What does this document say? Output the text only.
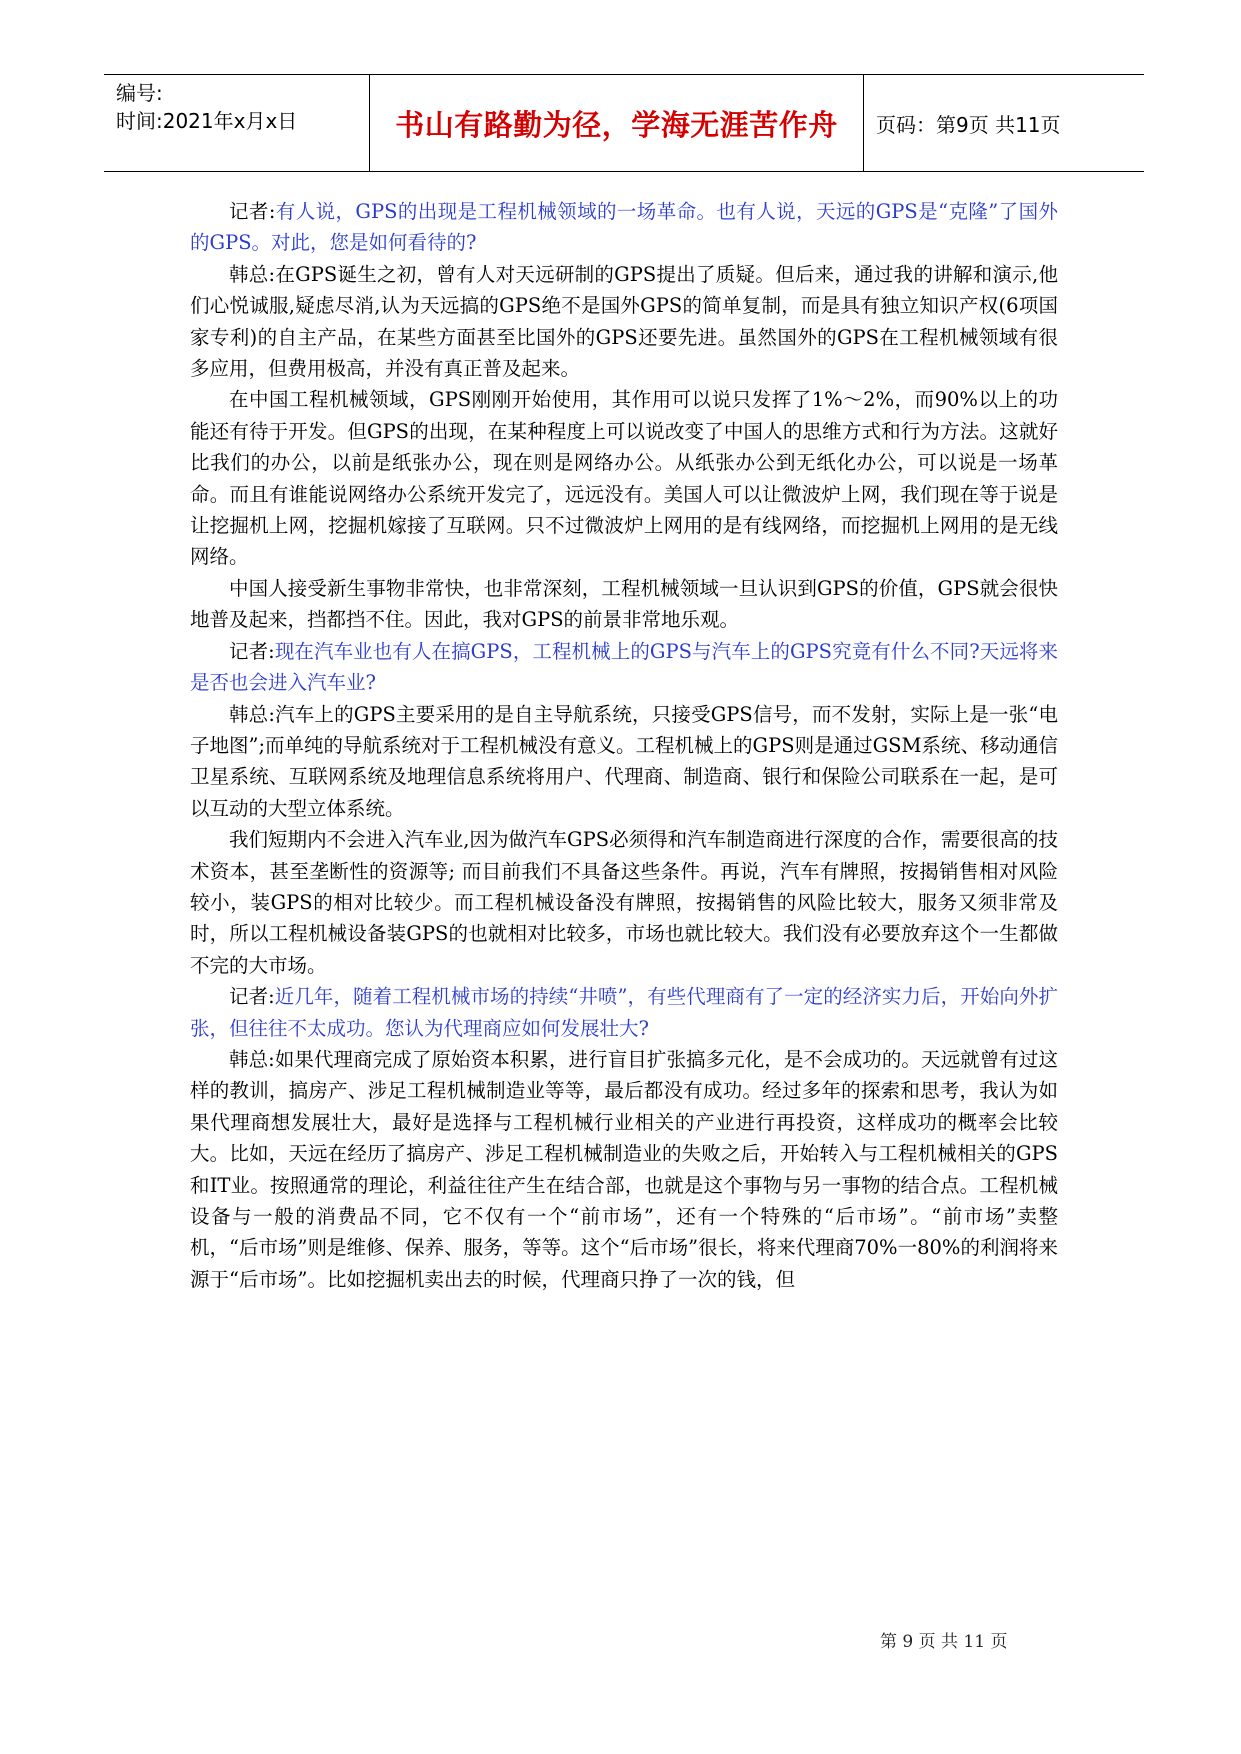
编号:
时间:2021年x月x日	书山有路勤为径，学海无涯苦作舟	页码：第9页 共11页

记者:有人说，GPS的出现是工程机械领域的一场革命。也有人说，天远的GPS是“克隆”了国外的GPS。对此，您是如何看待的?

韩总:在GPS诞生之初，曾有人对天远研制的GPS提出了质疑。但后来，通过我的讲解和演示,他们心悦诚服,疑虑尽消,认为天远搞的GPS绝不是国外GPS的简单复制，而是具有独立知识产权(6项国家专利)的自主产品，在某些方面甚至比国外的GPS还要先进。虽然国外的GPS在工程机械领域有很多应用，但费用极高，并没有真正普及起来。

在中国工程机械领域，GPS刚刚开始使用，其作用可以说只发挥了1%～2%，而90%以上的功能还有待于开发。但GPS的出现，在某种程度上可以说改变了中国人的思维方式和行为方法。这就好比我们的办公，以前是纸张办公，现在则是网络办公。从纸张办公到无纸化办公，可以说是一场革命。而且有谁能说网络办公系统开发完了，远远没有。美国人可以让微波炉上网，我们现在等于说是让挖掘机上网，挖掘机嫁接了互联网。只不过微波炉上网用的是有线网络，而挖掘机上网用的是无线网络。

中国人接受新生事物非常快，也非常深刻，工程机械领域一旦认识到GPS的价值，GPS就会很快地普及起来，挡都挡不住。因此，我对GPS的前景非常地乐观。

记者:现在汽车业也有人在搞GPS，工程机械上的GPS与汽车上的GPS究竟有什么不同?天远将来是否也会进入汽车业?

韩总:汽车上的GPS主要采用的是自主导航系统，只接受GPS信号，而不发射，实际上是一张“电子地图”;而单纯的导航系统对于工程机械没有意义。工程机械上的GPS则是通过GSM系统、移动通信卫星系统、互联网系统及地理信息系统将用户、代理商、制造商、银行和保险公司联系在一起，是可以互动的大型立体系统。

我们短期内不会进入汽车业,因为做汽车GPS必须得和汽车制造商进行深度的合作，需要很高的技术资本，甚至垄断性的资源等; 而目前我们不具备这些条件。再说，汽车有牌照，按揭销售相对风险较小，装GPS的相对比较少。而工程机械设备没有牌照，按揭销售的风险比较大，服务又须非常及时，所以工程机械设备装GPS的也就相对比较多，市场也就比较大。我们没有必要放弃这个一生都做不完的大市场。

记者:近几年，随着工程机械市场的持续“井喷”，有些代理商有了一定的经济实力后，开始向外扩张，但往往不太成功。您认为代理商应如何发展壮大?

韩总:如果代理商完成了原始资本积累，进行盲目扩张搞多元化，是不会成功的。天远就曾有过这样的教训，搞房产、涉足工程机械制造业等等，最后都没有成功。经过多年的探索和思考，我认为如果代理商想发展壮大，最好是选择与工程机械行业相关的产业进行再投资，这样成功的概率会比较大。比如，天远在经历了搞房产、涉足工程机械制造业的失败之后，开始转入与工程机械相关的GPS和IT业。按照通常的理论，利益往往产生在结合部，也就是这个事物与另一事物的结合点。工程机械设备与一般的消费品不同，它不仅有一个“前市场”，还有一个特殊的“后市场”。“前市场”卖整机，“后市场”则是维修、保养、服务，等等。这个“后市场”很长，将来代理商70%一80%的利润将来源于“后市场”。比如挖掘机卖出去的时候，代理商只挣了一次的钱，但

第 9 页 共 11 页
